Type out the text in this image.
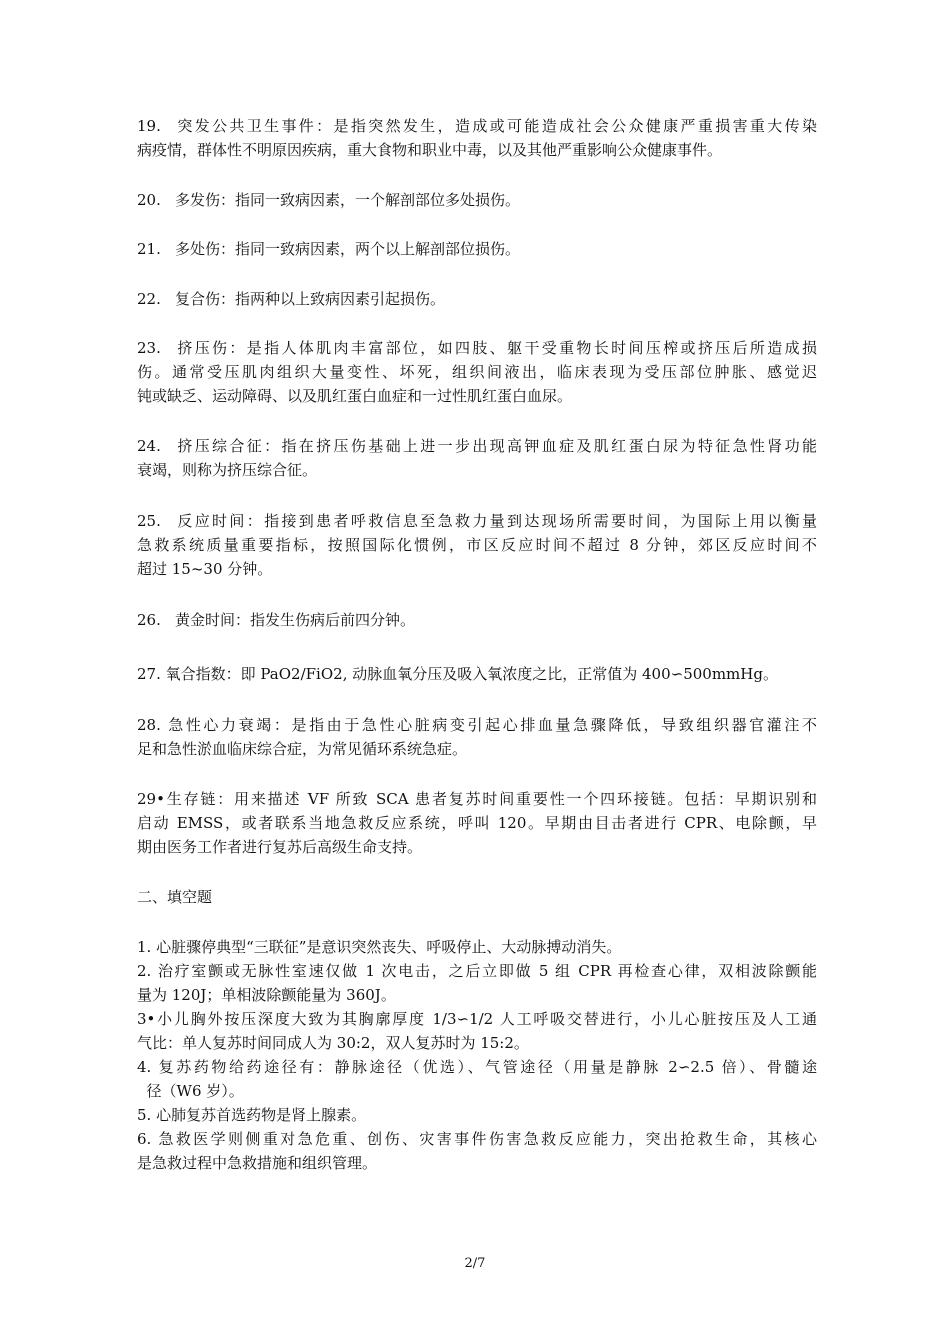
19. 突发公共卫生事件：是指突然发生，造成或可能造成社会公众健康严重损害重大传染
病疫情，群体性不明原因疾病，重大食物和职业中毒，以及其他严重影响公众健康事件。
20. 多发伤：指同一致病因素，一个解剖部位多处损伤。
21. 多处伤：指同一致病因素，两个以上解剖部位损伤。
22. 复合伤：指两种以上致病因素引起损伤。
23. 挤压伤：是指人体肌肉丰富部位，如四肢、躯干受重物长时间压榨或挤压后所造成损
伤。通常受压肌肉组织大量变性、坏死，组织间液出，临床表现为受压部位肿胀、感觉迟
钝或缺乏、运动障碍、以及肌红蛋白血症和一过性肌红蛋白血尿。
24. 挤压综合征：指在挤压伤基础上进一步出现高钾血症及肌红蛋白尿为特征急性肾功能
衰竭，则称为挤压综合征。
25. 反应时间：指接到患者呼救信息至急救力量到达现场所需要时间，为国际上用以衡量
急救系统质量重要指标，按照国际化惯例，市区反应时间不超过 8 分钟，郊区反应时间不
超过 15~30 分钟。
26. 黄金时间：指发生伤病后前四分钟。
27. 氧合指数：即 PaO2/FiO2, 动脉血氧分压及吸入氧浓度之比，正常值为 400∽500mmHg。
28. 急性心力衰竭：是指由于急性心脏病变引起心排血量急骤降低，导致组织器官灌注不
足和急性淤血临床综合症，为常见循环系统急症。
29•生存链：用来描述 VF 所致 SCA 患者复苏时间重要性一个四环接链。包括：早期识别和
启动 EMSS，或者联系当地急救反应系统，呼叫 120。早期由目击者进行 CPR、电除颤，早
期由医务工作者进行复苏后高级生命支持。
二、填空题
1. 心脏骤停典型“三联征”是意识突然丧失、呼吸停止、大动脉搏动消失。
2. 治疗室颤或无脉性室速仅做 1 次电击，之后立即做 5 组 CPR 再检查心律，双相波除颤能
量为 120J；单相波除颤能量为 360J。
3•小儿胸外按压深度大致为其胸廓厚度 1/3∽1/2 人工呼吸交替进行，小儿心脏按压及人工通
气比：单人复苏时间同成人为 30:2，双人复苏时为 15:2。
4. 复苏药物给药途径有：静脉途径（优选）、气管途径（用量是静脉 2∽2.5 倍）、骨髓途
径（W6 岁）。
5. 心肺复苏首选药物是肾上腺素。
6. 急救医学则侧重对急危重、创伤、灾害事件伤害急救反应能力，突出抢救生命，其核心
是急救过程中急救措施和组织管理。
2/7
